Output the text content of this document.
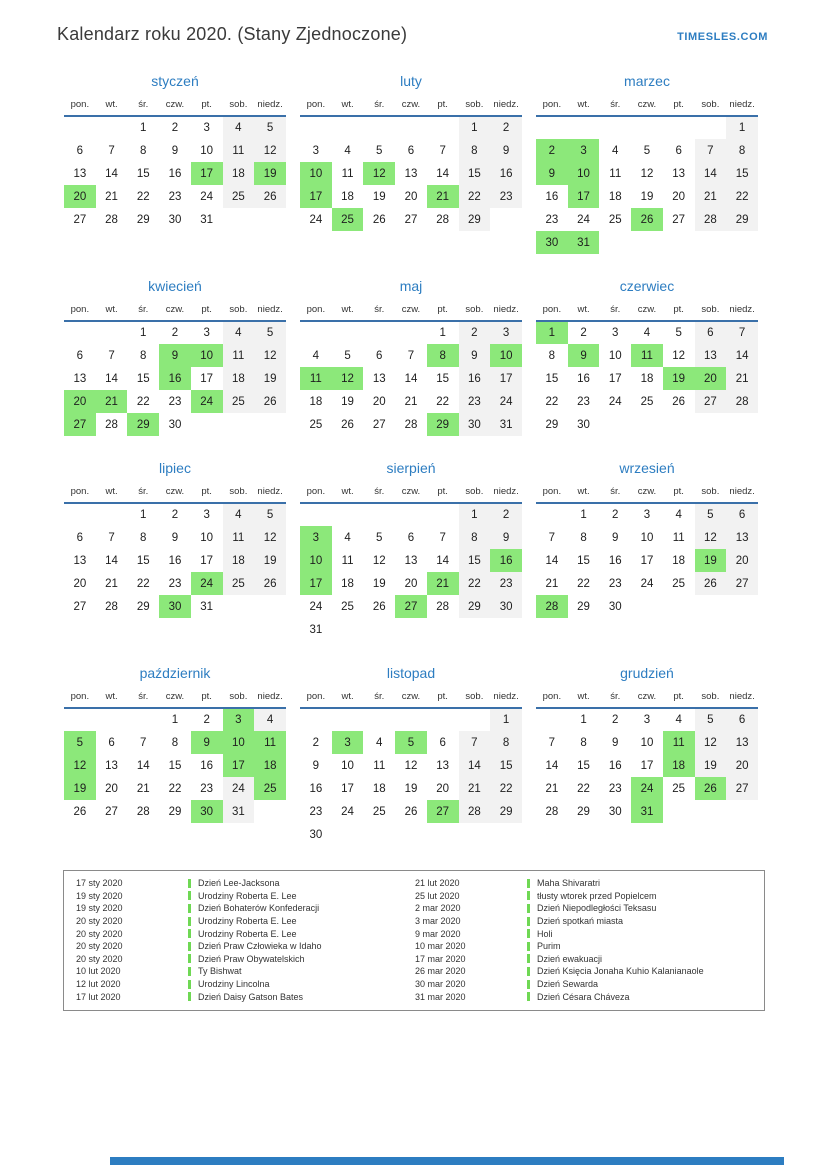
Kalendarz roku 2020. (Stany Zjednoczone)	TIMESLES.COM
styczeń
pon.	wt.	śr.	czw.	pt.	sob.	niedz.
		1	2	3	4	5
6	7	8	9	10	11	12
13	14	15	16	17	18	19
20	21	22	23	24	25	26
27	28	29	30	31		
luty
pon.	wt.	śr.	czw.	pt.	sob.	niedz.
					1	2
3	4	5	6	7	8	9
10	11	12	13	14	15	16
17	18	19	20	21	22	23
24	25	26	27	28	29	
marzec
pon.	wt.	śr.	czw.	pt.	sob.	niedz.
						1
2	3	4	5	6	7	8
9	10	11	12	13	14	15
16	17	18	19	20	21	22
23	24	25	26	27	28	29
30	31					
kwiecień
pon.	wt.	śr.	czw.	pt.	sob.	niedz.
		1	2	3	4	5
6	7	8	9	10	11	12
13	14	15	16	17	18	19
20	21	22	23	24	25	26
27	28	29	30			
maj
pon.	wt.	śr.	czw.	pt.	sob.	niedz.
				1	2	3
4	5	6	7	8	9	10
11	12	13	14	15	16	17
18	19	20	21	22	23	24
25	26	27	28	29	30	31
czerwiec
pon.	wt.	śr.	czw.	pt.	sob.	niedz.
1	2	3	4	5	6	7
8	9	10	11	12	13	14
15	16	17	18	19	20	21
22	23	24	25	26	27	28
29	30					
lipiec
pon.	wt.	śr.	czw.	pt.	sob.	niedz.
		1	2	3	4	5
6	7	8	9	10	11	12
13	14	15	16	17	18	19
20	21	22	23	24	25	26
27	28	29	30	31		
sierpień
pon.	wt.	śr.	czw.	pt.	sob.	niedz.
					1	2
3	4	5	6	7	8	9
10	11	12	13	14	15	16
17	18	19	20	21	22	23
24	25	26	27	28	29	30
31						
wrzesień
pon.	wt.	śr.	czw.	pt.	sob.	niedz.
	1	2	3	4	5	6
7	8	9	10	11	12	13
14	15	16	17	18	19	20
21	22	23	24	25	26	27
28	29	30				
październik
pon.	wt.	śr.	czw.	pt.	sob.	niedz.
			1	2	3	4
5	6	7	8	9	10	11
12	13	14	15	16	17	18
19	20	21	22	23	24	25
26	27	28	29	30	31	
listopad
pon.	wt.	śr.	czw.	pt.	sob.	niedz.
						1
2	3	4	5	6	7	8
9	10	11	12	13	14	15
16	17	18	19	20	21	22
23	24	25	26	27	28	29
30						
grudzień
pon.	wt.	śr.	czw.	pt.	sob.	niedz.
	1	2	3	4	5	6
7	8	9	10	11	12	13
14	15	16	17	18	19	20
21	22	23	24	25	26	27
28	29	30	31			
17 sty 2020	Dzień Lee-Jacksona
19 sty 2020	Urodziny Roberta E. Lee
19 sty 2020	Dzień Bohaterów Konfederacji
20 sty 2020	Urodziny Roberta E. Lee
20 sty 2020	Urodziny Roberta E. Lee
20 sty 2020	Dzień Praw Człowieka w Idaho
20 sty 2020	Dzień Praw Obywatelskich
10 lut 2020	Ty Bishwat
12 lut 2020	Urodziny Lincolna
17 lut 2020	Dzień Daisy Gatson Bates
21 lut 2020	Maha Shivaratri
25 lut 2020	tłusty wtorek przed Popielcem
2 mar 2020	Dzień Niepodległości Teksasu
3 mar 2020	Dzień spotkań miasta
9 mar 2020	Holi
10 mar 2020	Purim
17 mar 2020	Dzień ewakuacji
26 mar 2020	Dzień Księcia Jonaha Kuhio Kalanianaole
30 mar 2020	Dzień Sewarda
31 mar 2020	Dzień Césara Cháveza
